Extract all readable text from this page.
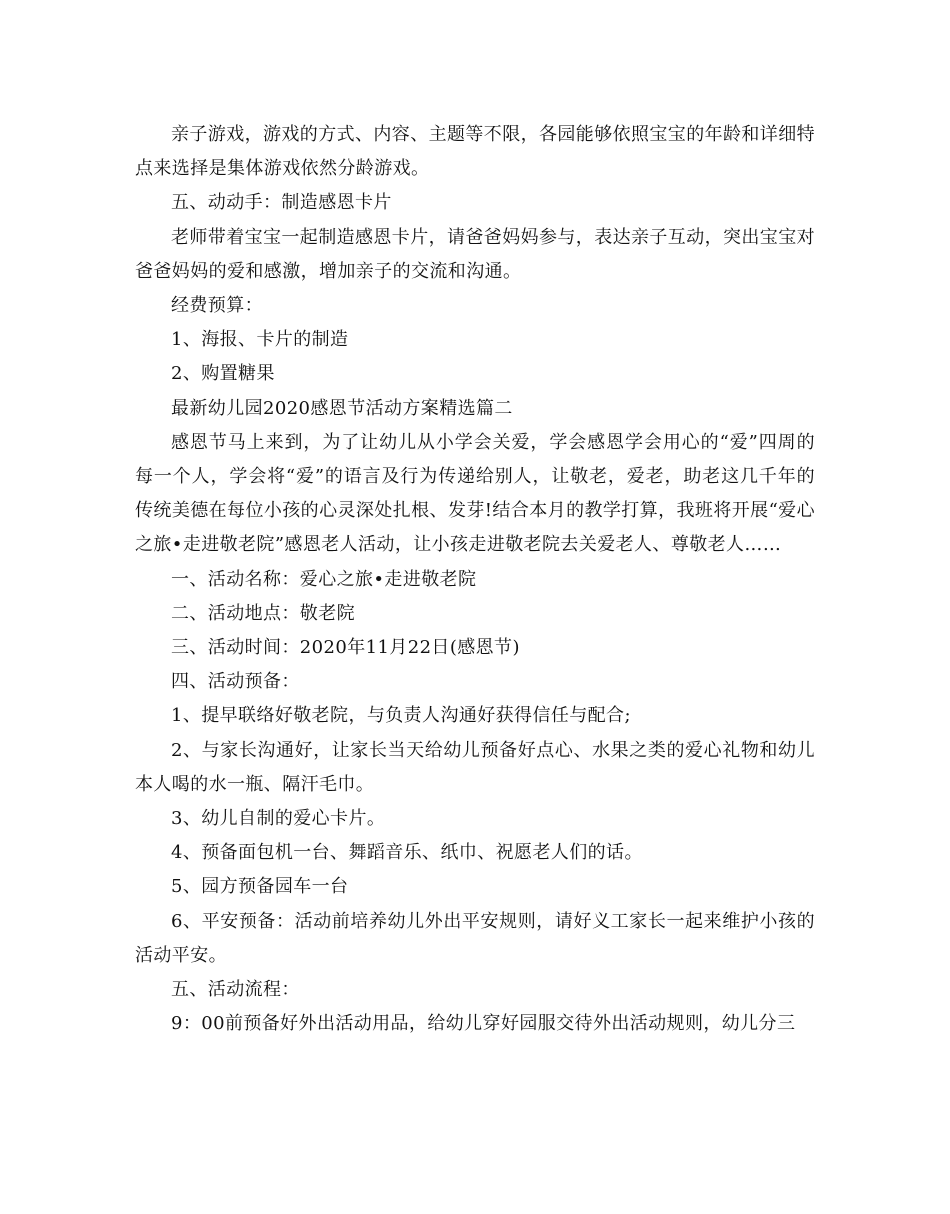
亲子游戏，游戏的方式、内容、主题等不限，各园能够依照宝宝的年龄和详细特点来选择是集体游戏依然分龄游戏。

五、动动手：制造感恩卡片

老师带着宝宝一起制造感恩卡片，请爸爸妈妈参与，表达亲子互动，突出宝宝对爸爸妈妈的爱和感激，增加亲子的交流和沟通。

经费预算：

1、海报、卡片的制造

2、购置糖果

最新幼儿园2020感恩节活动方案精选篇二

感恩节马上来到，为了让幼儿从小学会关爱，学会感恩学会用心的“爱”四周的每一个人，学会将“爱”的语言及行为传递给别人，让敬老，爱老，助老这几千年的传统美德在每位小孩的心灵深处扎根、发芽!结合本月的教学打算，我班将开展“爱心之旅•走进敬老院”感恩老人活动，让小孩走进敬老院去关爱老人、尊敬老人……

一、活动名称：爱心之旅•走进敬老院

二、活动地点：敬老院

三、活动时间：2020年11月22日(感恩节)

四、活动预备：

1、提早联络好敬老院，与负责人沟通好获得信任与配合;

2、与家长沟通好，让家长当天给幼儿预备好点心、水果之类的爱心礼物和幼儿本人喝的水一瓶、隔汗毛巾。

3、幼儿自制的爱心卡片。

4、预备面包机一台、舞蹈音乐、纸巾、祝愿老人们的话。

5、园方预备园车一台

6、平安预备：活动前培养幼儿外出平安规则，请好义工家长一起来维护小孩的活动平安。

五、活动流程：

9：00前预备好外出活动用品，给幼儿穿好园服交待外出活动规则，幼儿分三
